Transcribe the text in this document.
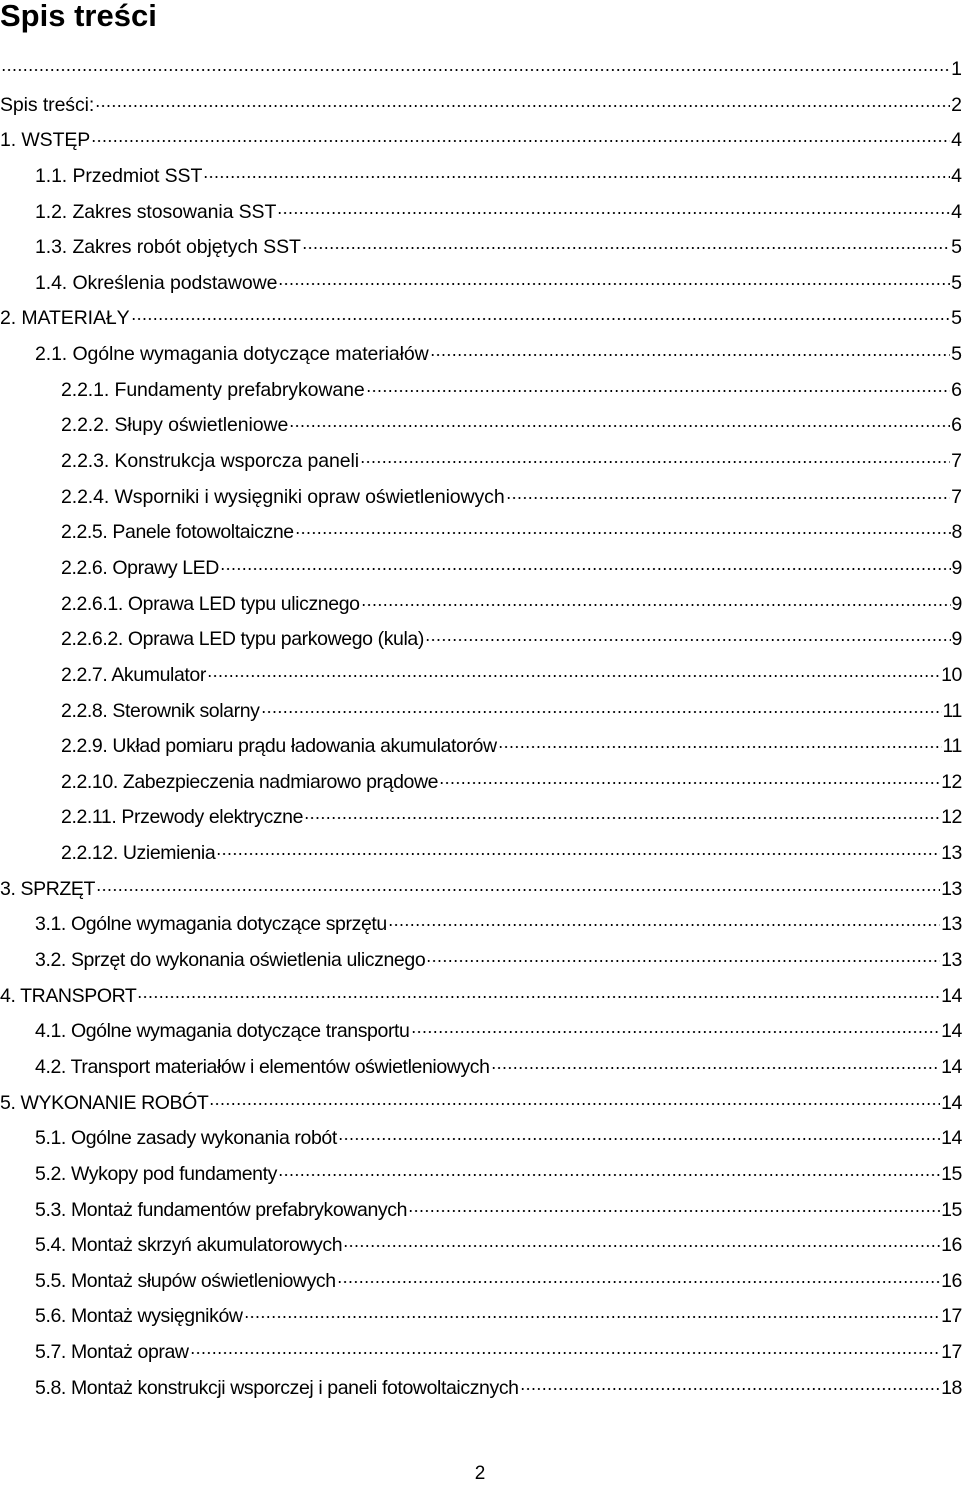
Spis treści
1
Spis treści:	2
1. WSTĘP	4
1.1. Przedmiot SST	4
1.2. Zakres stosowania SST	4
1.3. Zakres robót objętych SST	5
1.4. Określenia podstawowe	5
2. MATERIAŁY	5
2.1. Ogólne wymagania dotyczące materiałów	5
2.2.1. Fundamenty prefabrykowane	6
2.2.2. Słupy oświetleniowe	6
2.2.3. Konstrukcja wsporcza paneli	7
2.2.4. Wsporniki i wysięgniki opraw oświetleniowych	7
2.2.5. Panele fotowoltaiczne	8
2.2.6. Oprawy LED	9
2.2.6.1. Oprawa LED typu ulicznego	9
2.2.6.2. Oprawa LED typu parkowego (kula)	9
2.2.7. Akumulator	10
2.2.8. Sterownik solarny	11
2.2.9. Układ pomiaru prądu ładowania akumulatorów	11
2.2.10. Zabezpieczenia nadmiarowo prądowe	12
2.2.11. Przewody elektryczne	12
2.2.12. Uziemienia	13
3. SPRZĘT	13
3.1. Ogólne wymagania dotyczące sprzętu	13
3.2. Sprzęt do wykonania oświetlenia ulicznego	13
4. TRANSPORT	14
4.1. Ogólne wymagania dotyczące transportu	14
4.2. Transport materiałów i elementów oświetleniowych	14
5. WYKONANIE ROBÓT	14
5.1. Ogólne zasady wykonania robót	14
5.2. Wykopy pod fundamenty	15
5.3. Montaż fundamentów prefabrykowanych	15
5.4. Montaż skrzyń akumulatorowych	16
5.5. Montaż słupów oświetleniowych	16
5.6. Montaż wysięgników	17
5.7. Montaż opraw	17
5.8. Montaż konstrukcji wsporczej i paneli fotowoltaicznych	18
2
